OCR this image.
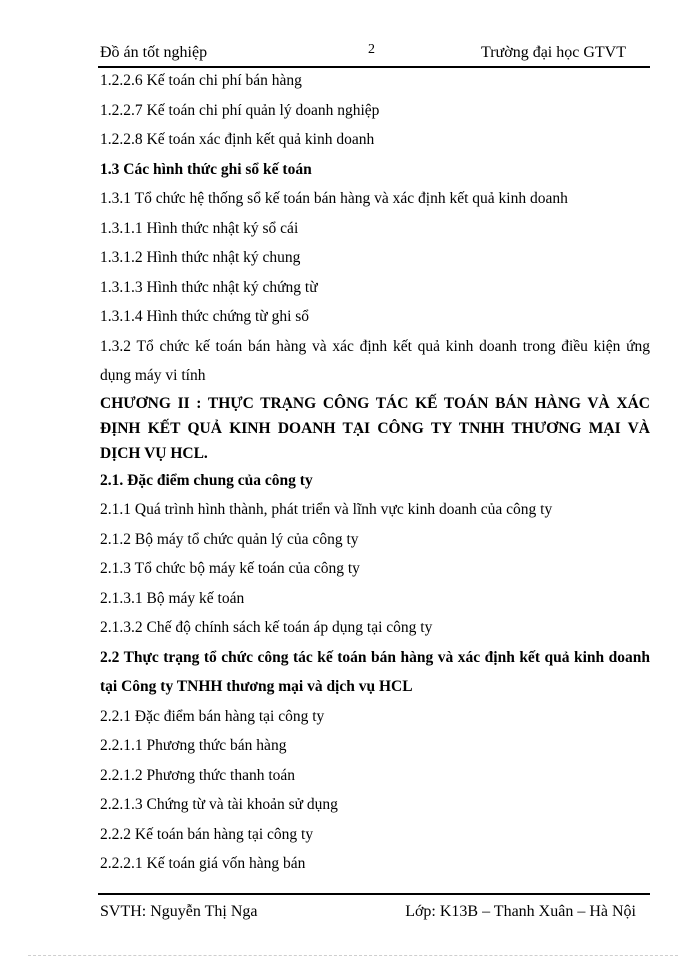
Đồ án tốt nghiệp	2	Trường đại học GTVT
1.2.2.6 Kế toán chi phí bán hàng
1.2.2.7 Kế toán chi phí quản lý doanh nghiệp
1.2.2.8 Kế toán xác định kết quả kinh doanh
1.3 Các hình thức ghi sổ kế toán
1.3.1 Tổ chức hệ thống sổ kế toán bán hàng và xác định kết quả kinh doanh
1.3.1.1 Hình thức nhật ký sổ cái
1.3.1.2 Hình thức nhật ký chung
1.3.1.3 Hình thức nhật ký chứng từ
1.3.1.4 Hình thức chứng từ ghi sổ
1.3.2 Tổ chức kế toán bán hàng và xác định kết quả kinh doanh trong điều kiện ứng dụng máy vi tính
CHƯƠNG II : THỰC TRẠNG CÔNG TÁC KẾ TOÁN BÁN HÀNG VÀ XÁC ĐỊNH KẾT QUẢ KINH DOANH TẠI CÔNG TY TNHH THƯƠNG MẠI VÀ DỊCH VỤ HCL.
2.1. Đặc điểm chung của công ty
2.1.1 Quá trình hình thành, phát triển và lĩnh vực kinh doanh của công ty
2.1.2 Bộ máy tổ chức quản lý của công ty
2.1.3 Tổ chức bộ máy kế toán của công ty
2.1.3.1 Bộ máy kế toán
2.1.3.2 Chế độ chính sách kế toán áp dụng tại công ty
2.2 Thực trạng tổ chức công tác kế toán bán hàng và xác định kết quả kinh doanh tại Công ty TNHH thương mại và dịch vụ HCL
2.2.1 Đặc điểm bán hàng tại công ty
2.2.1.1 Phương thức bán hàng
2.2.1.2 Phương thức thanh toán
2.2.1.3 Chứng từ và tài khoản sử dụng
2.2.2 Kế toán bán hàng tại công ty
2.2.2.1 Kế toán giá vốn hàng bán
SVTH: Nguyễn Thị Nga	Lớp: K13B – Thanh Xuân – Hà Nội
